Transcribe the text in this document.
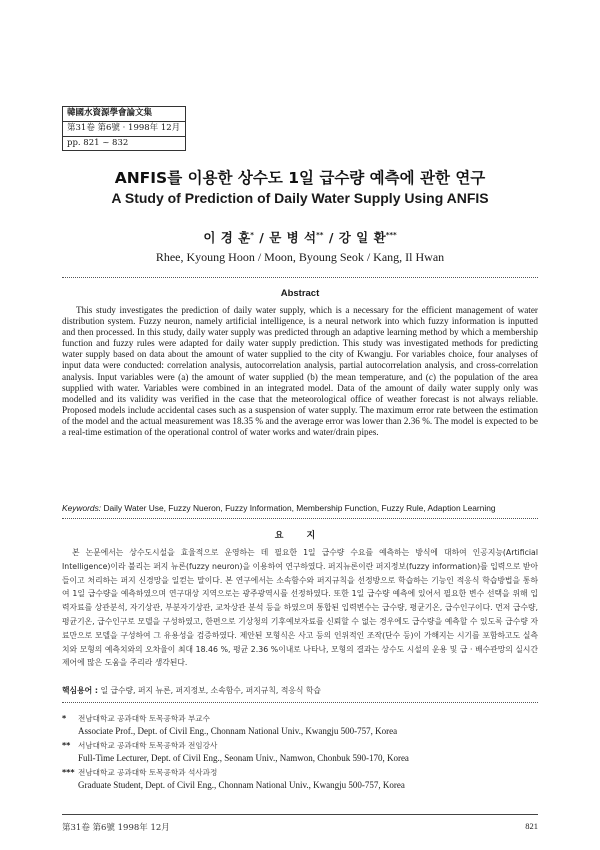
韓國水資源學會論文集
第31卷 第6號 · 1998年 12月
pp. 821 ~ 832
ANFIS를 이용한 상수도 1일 급수량 예측에 관한 연구
A Study of Prediction of Daily Water Supply Using ANFIS
이 경 훈* / 문 병 석** / 강 일 환***
Rhee, Kyoung Hoon / Moon, Byoung Seok / Kang, Il Hwan
Abstract

This study investigates the prediction of daily water supply, which is a necessary for the efficient management of water distribution system. Fuzzy neuron, namely artificial intelligence, is a neural network into which fuzzy information is inputted and then processed. In this study, daily water supply was predicted through an adaptive learning method by which a membership function and fuzzy rules were adapted for daily water supply prediction. This study was investigated methods for predicting water supply based on data about the amount of water supplied to the city of Kwangju. For variables choice, four analyses of input data were conducted: correlation analysis, autocorrelation analysis, partial autocorrelation analysis, and cross-correlation analysis. Input variables were (a) the amount of water supplied (b) the mean temperature, and (c) the population of the area supplied with water. Variables were combined in an integrated model. Data of the amount of daily water supply only was modelled and its validity was verified in the case that the meteorological office of weather forecast is not always reliable. Proposed models include accidental cases such as a suspension of water supply. The maximum error rate between the estimation of the model and the actual measurement was 18.35 % and the average error was lower than 2.36 %. The model is expected to be a real-time estimation of the operational control of water works and water/drain pipes.

Keywords: Daily Water Use, Fuzzy Nueron, Fuzzy Information, Membership Function, Fuzzy Rule, Adaption Learning
요 지

본 논문에서는 상수도시설을 효율적으로 운영하는 데 필요한 1일 급수량 수요를 예측하는 방식에 대하여 인공지능(Artificial Intelligence)이라 불리는 퍼지 뉴론(fuzzy neuron)을 이용하여 연구하였다. 퍼지뉴론이란 퍼지정보(fuzzy information)를 입력으로 받아들이고 처리하는 퍼지 신경망을 일컫는 말이다. 본 연구에서는 소속함수와 퍼지규칙을 선정방으로 학습하는 기능인 적응식 학습방법을 통하여 1일 급수량을 예측하였으며 연구대상 지역으로는 광주광역시를 선정하였다. 또한 1일 급수량 예측에 있어서 필요한 변수 선택을 위해 입력자료를 상관분석, 자기상관, 부분자기상관, 교차상관 분석 등을 하였으며 통합된 입력변수는 급수량, 평균기온, 급수인구이다. 먼저 급수량, 평균기온, 급수인구로 모델을 구성하였고, 한편으로 기상청의 기후예보자료를 신뢰할 수 없는 경우에도 급수량을 예측할 수 있도록 급수량 자료만으로 모델을 구성하여 그 유용성을 검증하였다. 제안된 모형식은 사고 등의 인위적인 조작(단수 등)이 가해지는 시기를 포함하고도 실측치와 모형의 예측치와의 오차율이 최대 18.46 %, 평균 2.36 %이내로 나타나, 모형의 결과는 상수도 시설의 운용 및 급 · 배수관망의 실시간 제어에 많은 도움을 주리라 생각된다.

핵심용어 : 일 급수량, 퍼지 뉴론, 퍼지정보, 소속함수, 퍼지규칙, 적응식 학습
* 전남대학교 공과대학 토목공학과 부교수
Associate Prof., Dept. of Civil Eng., Chonnam National Univ., Kwangju 500-757, Korea
** 서남대학교 공과대학 토목공학과 전임강사
Full-Time Lecturer, Dept. of Civil Eng., Seonam Univ., Namwon, Chonbuk 590-170, Korea
*** 전남대학교 공과대학 토목공학과 석사과정
Graduate Student, Dept. of Civil Eng., Chonnam National Univ., Kwangju 500-757, Korea
第31卷 第6號 1998年 12月	821
